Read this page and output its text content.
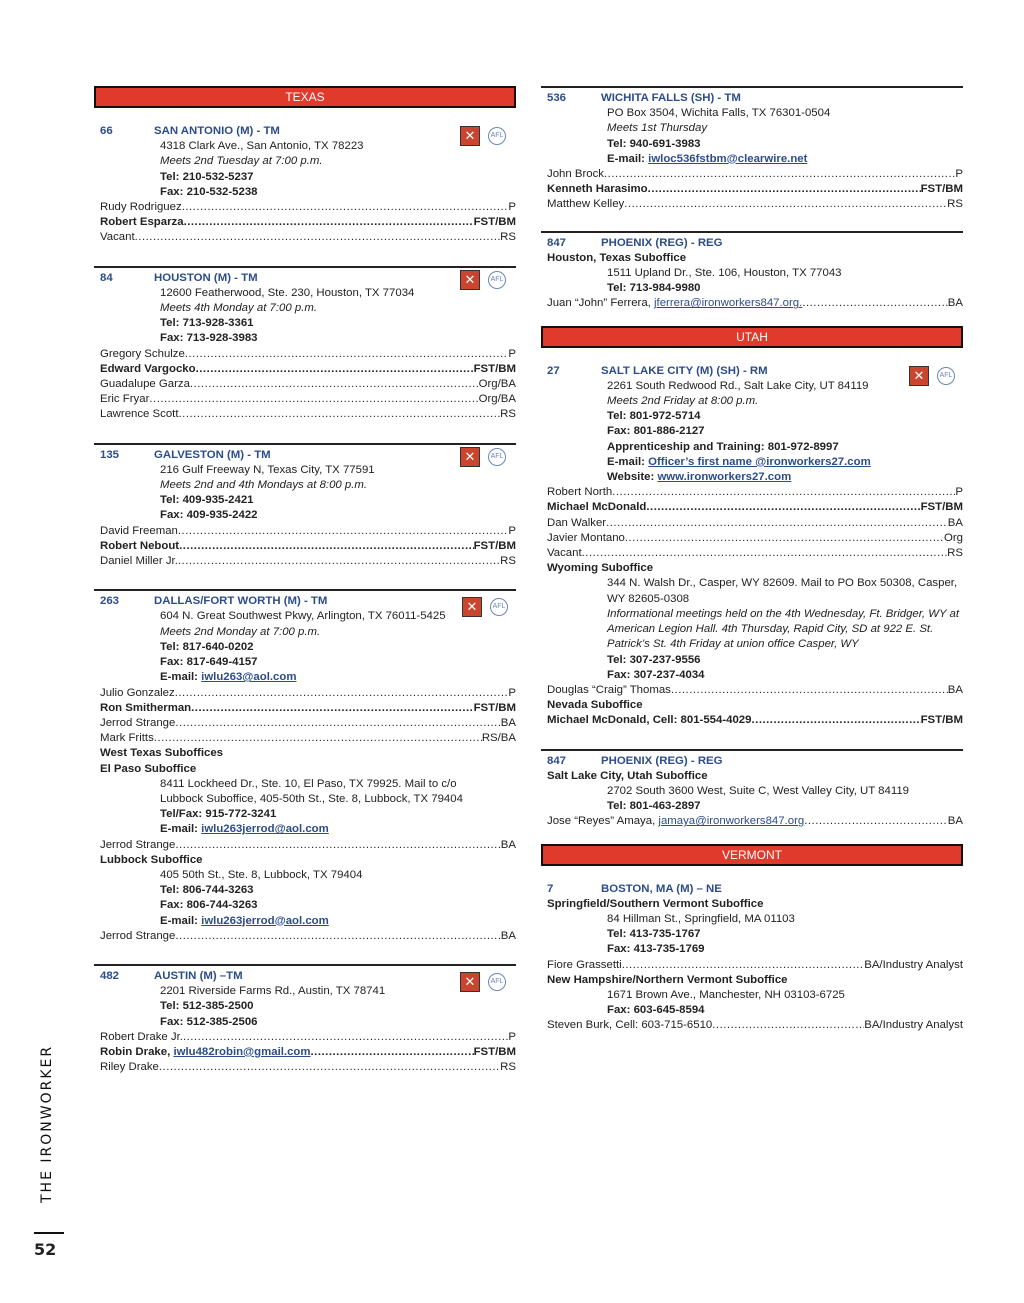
TEXAS
66	SAN ANTONIO (M) - TM ✕	AFL
4318 Clark Ave., San Antonio, TX 78223
Meets 2nd Tuesday at 7:00 p.m.
Tel: 210-532-5237
Fax: 210-532-5238
Rudy Rodriguez .....	P
Robert Esparza .....	FST/BM
Vacant .....	RS
84	HOUSTON (M) - TM ✕	AFL
12600 Featherwood, Ste. 230, Houston, TX 77034
Meets 4th Monday at 7:00 p.m.
Tel: 713-928-3361
Fax: 713-928-3983
Gregory Schulze .....	P
Edward Vargocko .....	FST/BM
Guadalupe Garza .....	Org/BA
Eric Fryar .....	Org/BA
Lawrence Scott .....	RS
135	GALVESTON (M) - TM ✕	AFL
216 Gulf Freeway N, Texas City, TX 77591
Meets 2nd and 4th Mondays at 8:00 p.m.
Tel: 409-935-2421
Fax: 409-935-2422
David Freeman .....	P
Robert Nebout .....	FST/BM
Daniel Miller Jr. .....	RS
263	DALLAS/FORT WORTH (M) - TM ✕	AFL
604 N. Great Southwest Pkwy, Arlington, TX 76011-5425
Meets 2nd Monday at 7:00 p.m.
Tel: 817-640-0202
Fax: 817-649-4157
E-mail: iwlu263@aol.com
Julio Gonzalez .....	P
Ron Smitherman .....	FST/BM
Jerrod Strange .....	BA
Mark Fritts .....	RS/BA
West Texas Suboffices
El Paso Suboffice
8411 Lockheed Dr., Ste. 10, El Paso, TX 79925. Mail to c/o
Lubbock Suboffice, 405-50th St., Ste. 8, Lubbock, TX 79404
Tel/Fax: 915-772-3241
E-mail: iwlu263jerrod@aol.com
Jerrod Strange .....	BA
Lubbock Suboffice
405 50th St., Ste. 8, Lubbock, TX 79404
Tel: 806-744-3263
Fax: 806-744-3263
E-mail: iwlu263jerrod@aol.com
Jerrod Strange .....	BA
482	AUSTIN (M) –TM ✕	AFL
2201 Riverside Farms Rd., Austin, TX 78741
Tel: 512-385-2500
Fax: 512-385-2506
Robert Drake Jr. .....	P
Robin Drake, iwlu482robin@gmail.com .....	FST/BM
Riley Drake .....	RS
536	WICHITA FALLS (SH) - TM
PO Box 3504, Wichita Falls, TX 76301-0504
Meets 1st Thursday
Tel: 940-691-3983
E-mail: iwloc536fstbm@clearwire.net
John Brock .....	P
Kenneth Harasimo .....	FST/BM
Matthew Kelley .....	RS
847	PHOENIX (REG) - REG
Houston, Texas Suboffice
1511 Upland Dr., Ste. 106, Houston, TX 77043
Tel: 713-984-9980
Juan “John” Ferrera, jferrera@ironworkers847.org. .....	BA
UTAH
27	SALT LAKE CITY (M) (SH) - RM ✕	AFL
2261 South Redwood Rd., Salt Lake City, UT 84119
Meets 2nd Friday at 8:00 p.m.
Tel: 801-972-5714
Fax: 801-886-2127
Apprenticeship and Training: 801-972-8997
E-mail: Officer’s first name @ironworkers27.com
Website: www.ironworkers27.com
Robert North .....	P
Michael McDonald .....	FST/BM
Dan Walker .....	BA
Javier Montano .....	Org
Vacant .....	RS
Wyoming Suboffice
344 N. Walsh Dr., Casper, WY 82609. Mail to PO Box 50308, Casper,
WY 82605-0308
Informational meetings held on the 4th Wednesday, Ft. Bridger, WY at
American Legion Hall. 4th Thursday, Rapid City, SD at 922 E. St.
Patrick’s St. 4th Friday at union office Casper, WY
Tel: 307-237-9556
Fax: 307-237-4034
Douglas “Craig” Thomas .....	BA
Nevada Suboffice
Michael McDonald, Cell: 801-554-4029 .....	FST/BM
847	PHOENIX (REG) - REG
Salt Lake City, Utah Suboffice
2702 South 3600 West, Suite C, West Valley City, UT 84119
Tel: 801-463-2897
Jose “Reyes” Amaya, jamaya@ironworkers847.org .....	BA
VERMONT
7	BOSTON, MA (M) – NE
Springfield/Southern Vermont Suboffice
84 Hillman St., Springfield, MA 01103
Tel: 413-735-1767
Fax: 413-735-1769
Fiore Grassetti .....	BA/Industry Analyst
New Hampshire/Northern Vermont Suboffice
1671 Brown Ave., Manchester, NH 03103-6725
Fax: 603-645-8594
Steven Burk, Cell: 603-715-6510 .....	BA/Industry Analyst
THE IRONWORKER
52
